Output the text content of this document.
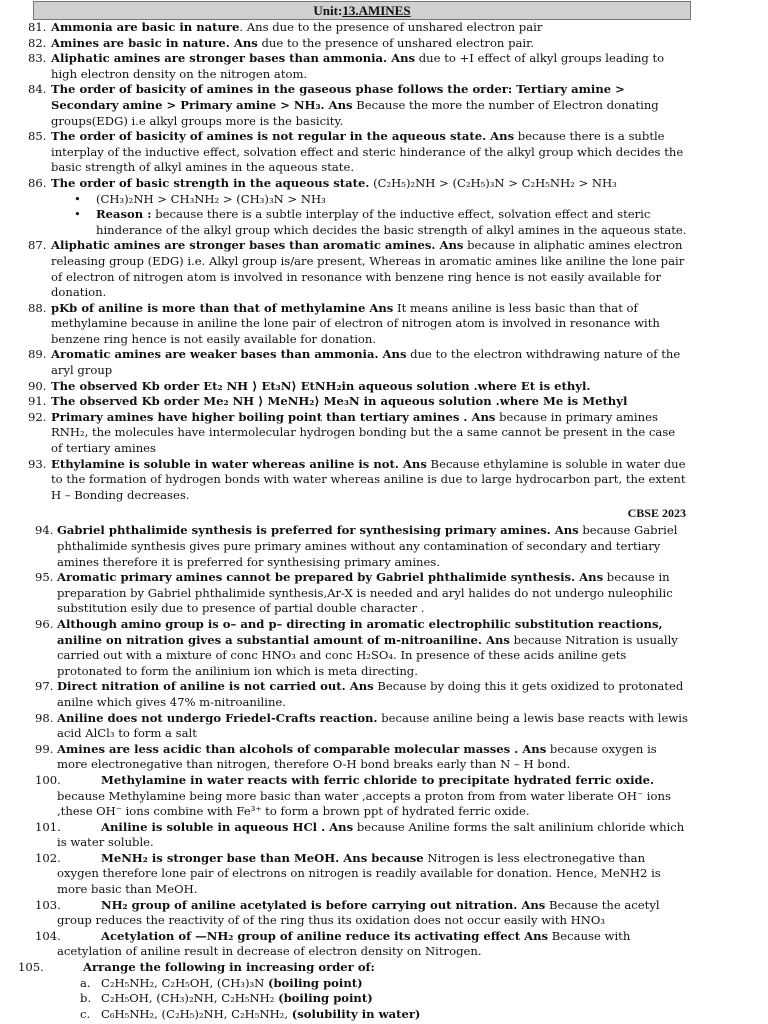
Unit:13.AMINES
81. Ammonia are basic in nature. Ans due to the presence of unshared electron pair
82. Amines are basic in nature. Ans due to the presence of unshared electron pair.
83. Aliphatic amines are stronger bases than ammonia. Ans due to +I effect of alkyl groups leading to high electron density on the nitrogen atom.
84. The order of basicity of amines in the gaseous phase follows the order: Tertiary amine > Secondary amine > Primary amine > NH₃. Ans Because the more the number of Electron donating groups(EDG) i.e alkyl groups more is the basicity.
85. The order of basicity of amines is not regular in the aqueous state. Ans because there is a subtle interplay of the inductive effect, solvation effect and steric hinderance of the alkyl group which decides the basic strength of alkyl amines in the aqueous state.
86. The order of basic strength in the aqueous state. (C₂H₅)₂NH > (C₂H₅)₃N > C₂H₅NH₂ > NH₃
• (CH₃)₂NH > CH₃NH₂ > (CH₃)₃N > NH₃
• Reason : because there is a subtle interplay of the inductive effect, solvation effect and steric hinderance of the alkyl group which decides the basic strength of alkyl amines in the aqueous state.
87. Aliphatic amines are stronger bases than aromatic amines. Ans because in aliphatic amines electron releasing group (EDG) i.e. Alkyl group is/are present, Whereas in aromatic amines like aniline the lone pair of electron of nitrogen atom is involved in resonance with benzene ring hence is not easily available for donation.
88. pKb of aniline is more than that of methylamine Ans It means aniline is less basic than that of methylamine because in aniline the lone pair of electron of nitrogen atom is involved in resonance with benzene ring hence is not easily available for donation.
89. Aromatic amines are weaker bases than ammonia. Ans due to the electron withdrawing nature of the aryl group
90. The observed Kb order Et₂ NH ⟩ Et₃N⟩ EtNH₂in aqueous solution .where Et is ethyl.
91. The observed Kb order Me₂ NH ⟩ MeNH₂⟩ Me₃N in aqueous solution .where Me is Methyl
92. Primary amines have higher boiling point than tertiary amines . Ans because in primary amines RNH₂, the molecules have intermolecular hydrogen bonding but the a same cannot be present in the case of tertiary amines
93. Ethylamine is soluble in water whereas aniline is not. Ans Because ethylamine is soluble in water due to the formation of hydrogen bonds with water whereas aniline is due to large hydrocarbon part, the extent H – Bonding decreases.
CBSE 2023
94. Gabriel phthalimide synthesis is preferred for synthesising primary amines. Ans because Gabriel phthalimide synthesis gives pure primary amines without any contamination of secondary and tertiary amines therefore it is preferred for synthesising primary amines.
95. Aromatic primary amines cannot be prepared by Gabriel phthalimide synthesis. Ans because in preparation by Gabriel phthalimide synthesis,Ar-X is needed and aryl halides do not undergo nuleophilic substitution esily due to presence of partial double character .
96. Although amino group is o– and p– directing in aromatic electrophilic substitution reactions, aniline on nitration gives a substantial amount of m-nitroaniline. Ans because Nitration is usually carried out with a mixture of conc HNO₃ and conc H₂SO₄. In presence of these acids aniline gets protonated to form the anilinium ion which is meta directing.
97. Direct nitration of aniline is not carried out. Ans Because by doing this it gets oxidized to protonated anilne which gives 47% m-nitroaniline.
98. Aniline does not undergo Friedel-Crafts reaction. because aniline being a lewis base reacts with lewis acid AlCl₃ to form a salt
99. Amines are less acidic than alcohols of comparable molecular masses . Ans because oxygen is more electronegative than nitrogen, therefore O-H bond breaks early than N – H bond.
100.	Methylamine in water reacts with ferric chloride to precipitate hydrated ferric oxide. because Methylamine being more basic than water ,accepts a proton from from water liberate OH⁻ ions ,these OH⁻ ions combine with Fe³⁺ to form a brown ppt of hydrated ferric oxide.
101.	Aniline is soluble in aqueous HCl . Ans because Aniline forms the salt anilinium chloride which is water soluble.
102.	MeNH₂ is stronger base than MeOH. Ans because Nitrogen is less electronegative than oxygen therefore lone pair of electrons on nitrogen is readily available for donation. Hence, MeNH2 is more basic than MeOH.
103.	NH₂ group of aniline acetylated is before carrying out nitration. Ans Because the acetyl group reduces the reactivity of of the ring thus its oxidation does not occur easily with HNO₃
104.	Acetylation of —NH₂ group of aniline reduce its activating effect Ans Because with acetylation of aniline result in decrease of electron density on Nitrogen.
105.	Arrange the following in increasing order of:
a. C₂H₅NH₂, C₂H₅OH, (CH₃)₃N (boiling point)
b. C₂H₅OH, (CH₃)₂NH, C₂H₅NH₂ (boiling point)
c. C₆H₅NH₂, (C₂H₅)₂NH, C₂H₅NH₂, (solubility in water)
